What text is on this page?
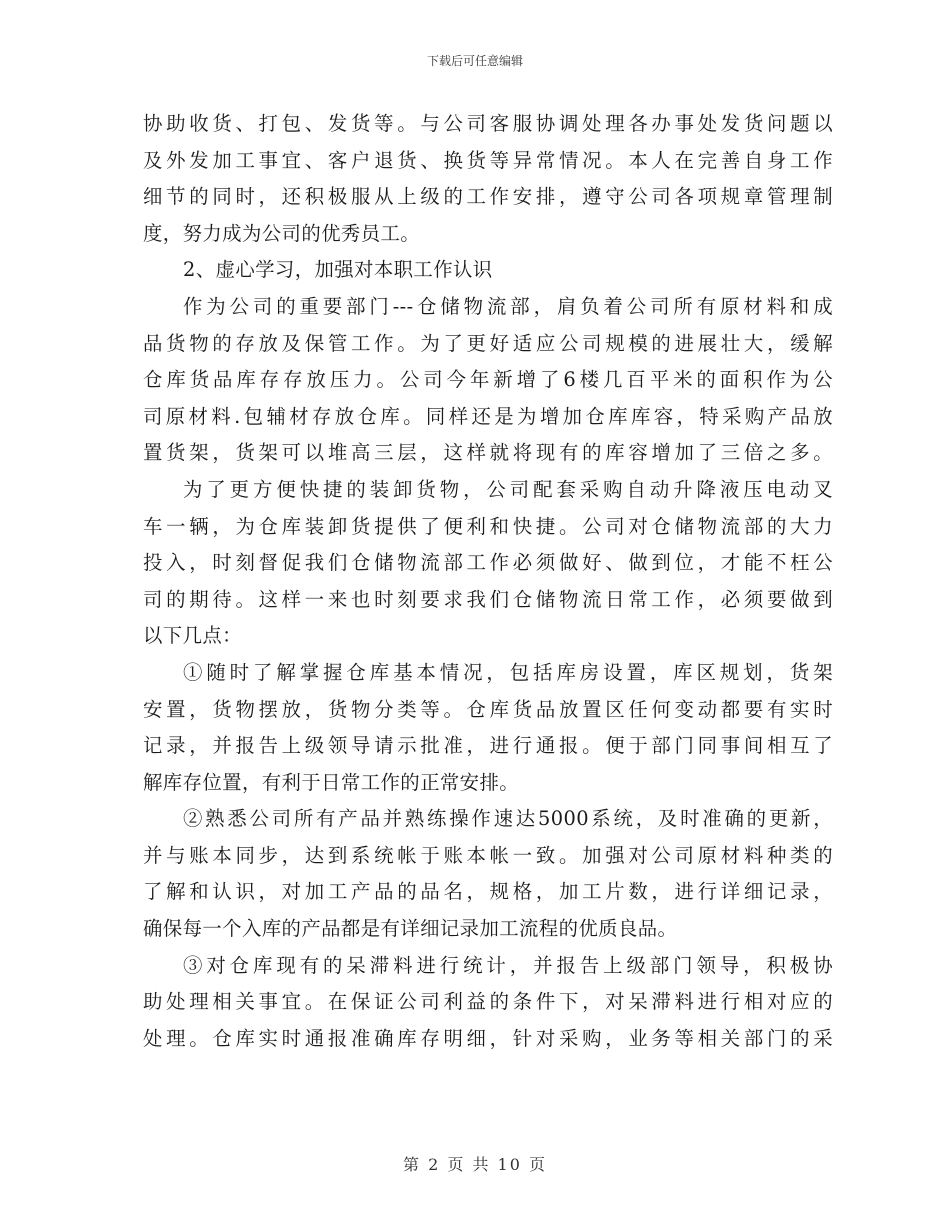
下载后可任意编辑
协助收货、打包、发货等。与公司客服协调处理各办事处发货问题以
及外发加工事宜、客户退货、换货等异常情况。本人在完善自身工作
细节的同时，还积极服从上级的工作安排，遵守公司各项规章管理制
度，努力成为公司的优秀员工。
2、虚心学习，加强对本职工作认识
作为公司的重要部门---仓储物流部，肩负着公司所有原材料和成
品货物的存放及保管工作。为了更好适应公司规模的进展壮大，缓解
仓库货品库存存放压力。公司今年新增了6楼几百平米的面积作为公
司原材料.包辅材存放仓库。同样还是为增加仓库库容，特采购产品放
置货架，货架可以堆高三层，这样就将现有的库容增加了三倍之多。
为了更方便快捷的装卸货物，公司配套采购自动升降液压电动叉
车一辆，为仓库装卸货提供了便利和快捷。公司对仓储物流部的大力
投入，时刻督促我们仓储物流部工作必须做好、做到位，才能不枉公
司的期待。这样一来也时刻要求我们仓储物流日常工作，必须要做到
以下几点：
①随时了解掌握仓库基本情况，包括库房设置，库区规划，货架
安置，货物摆放，货物分类等。仓库货品放置区任何变动都要有实时
记录，并报告上级领导请示批准，进行通报。便于部门同事间相互了
解库存位置，有利于日常工作的正常安排。
②熟悉公司所有产品并熟练操作速达5000系统，及时准确的更新，
并与账本同步，达到系统帐于账本帐一致。加强对公司原材料种类的
了解和认识，对加工产品的品名，规格，加工片数，进行详细记录，
确保每一个入库的产品都是有详细记录加工流程的优质良品。
③对仓库现有的呆滞料进行统计，并报告上级部门领导，积极协
助处理相关事宜。在保证公司利益的条件下，对呆滞料进行相对应的
处理。仓库实时通报准确库存明细，针对采购，业务等相关部门的采
第 2 页 共 10 页
